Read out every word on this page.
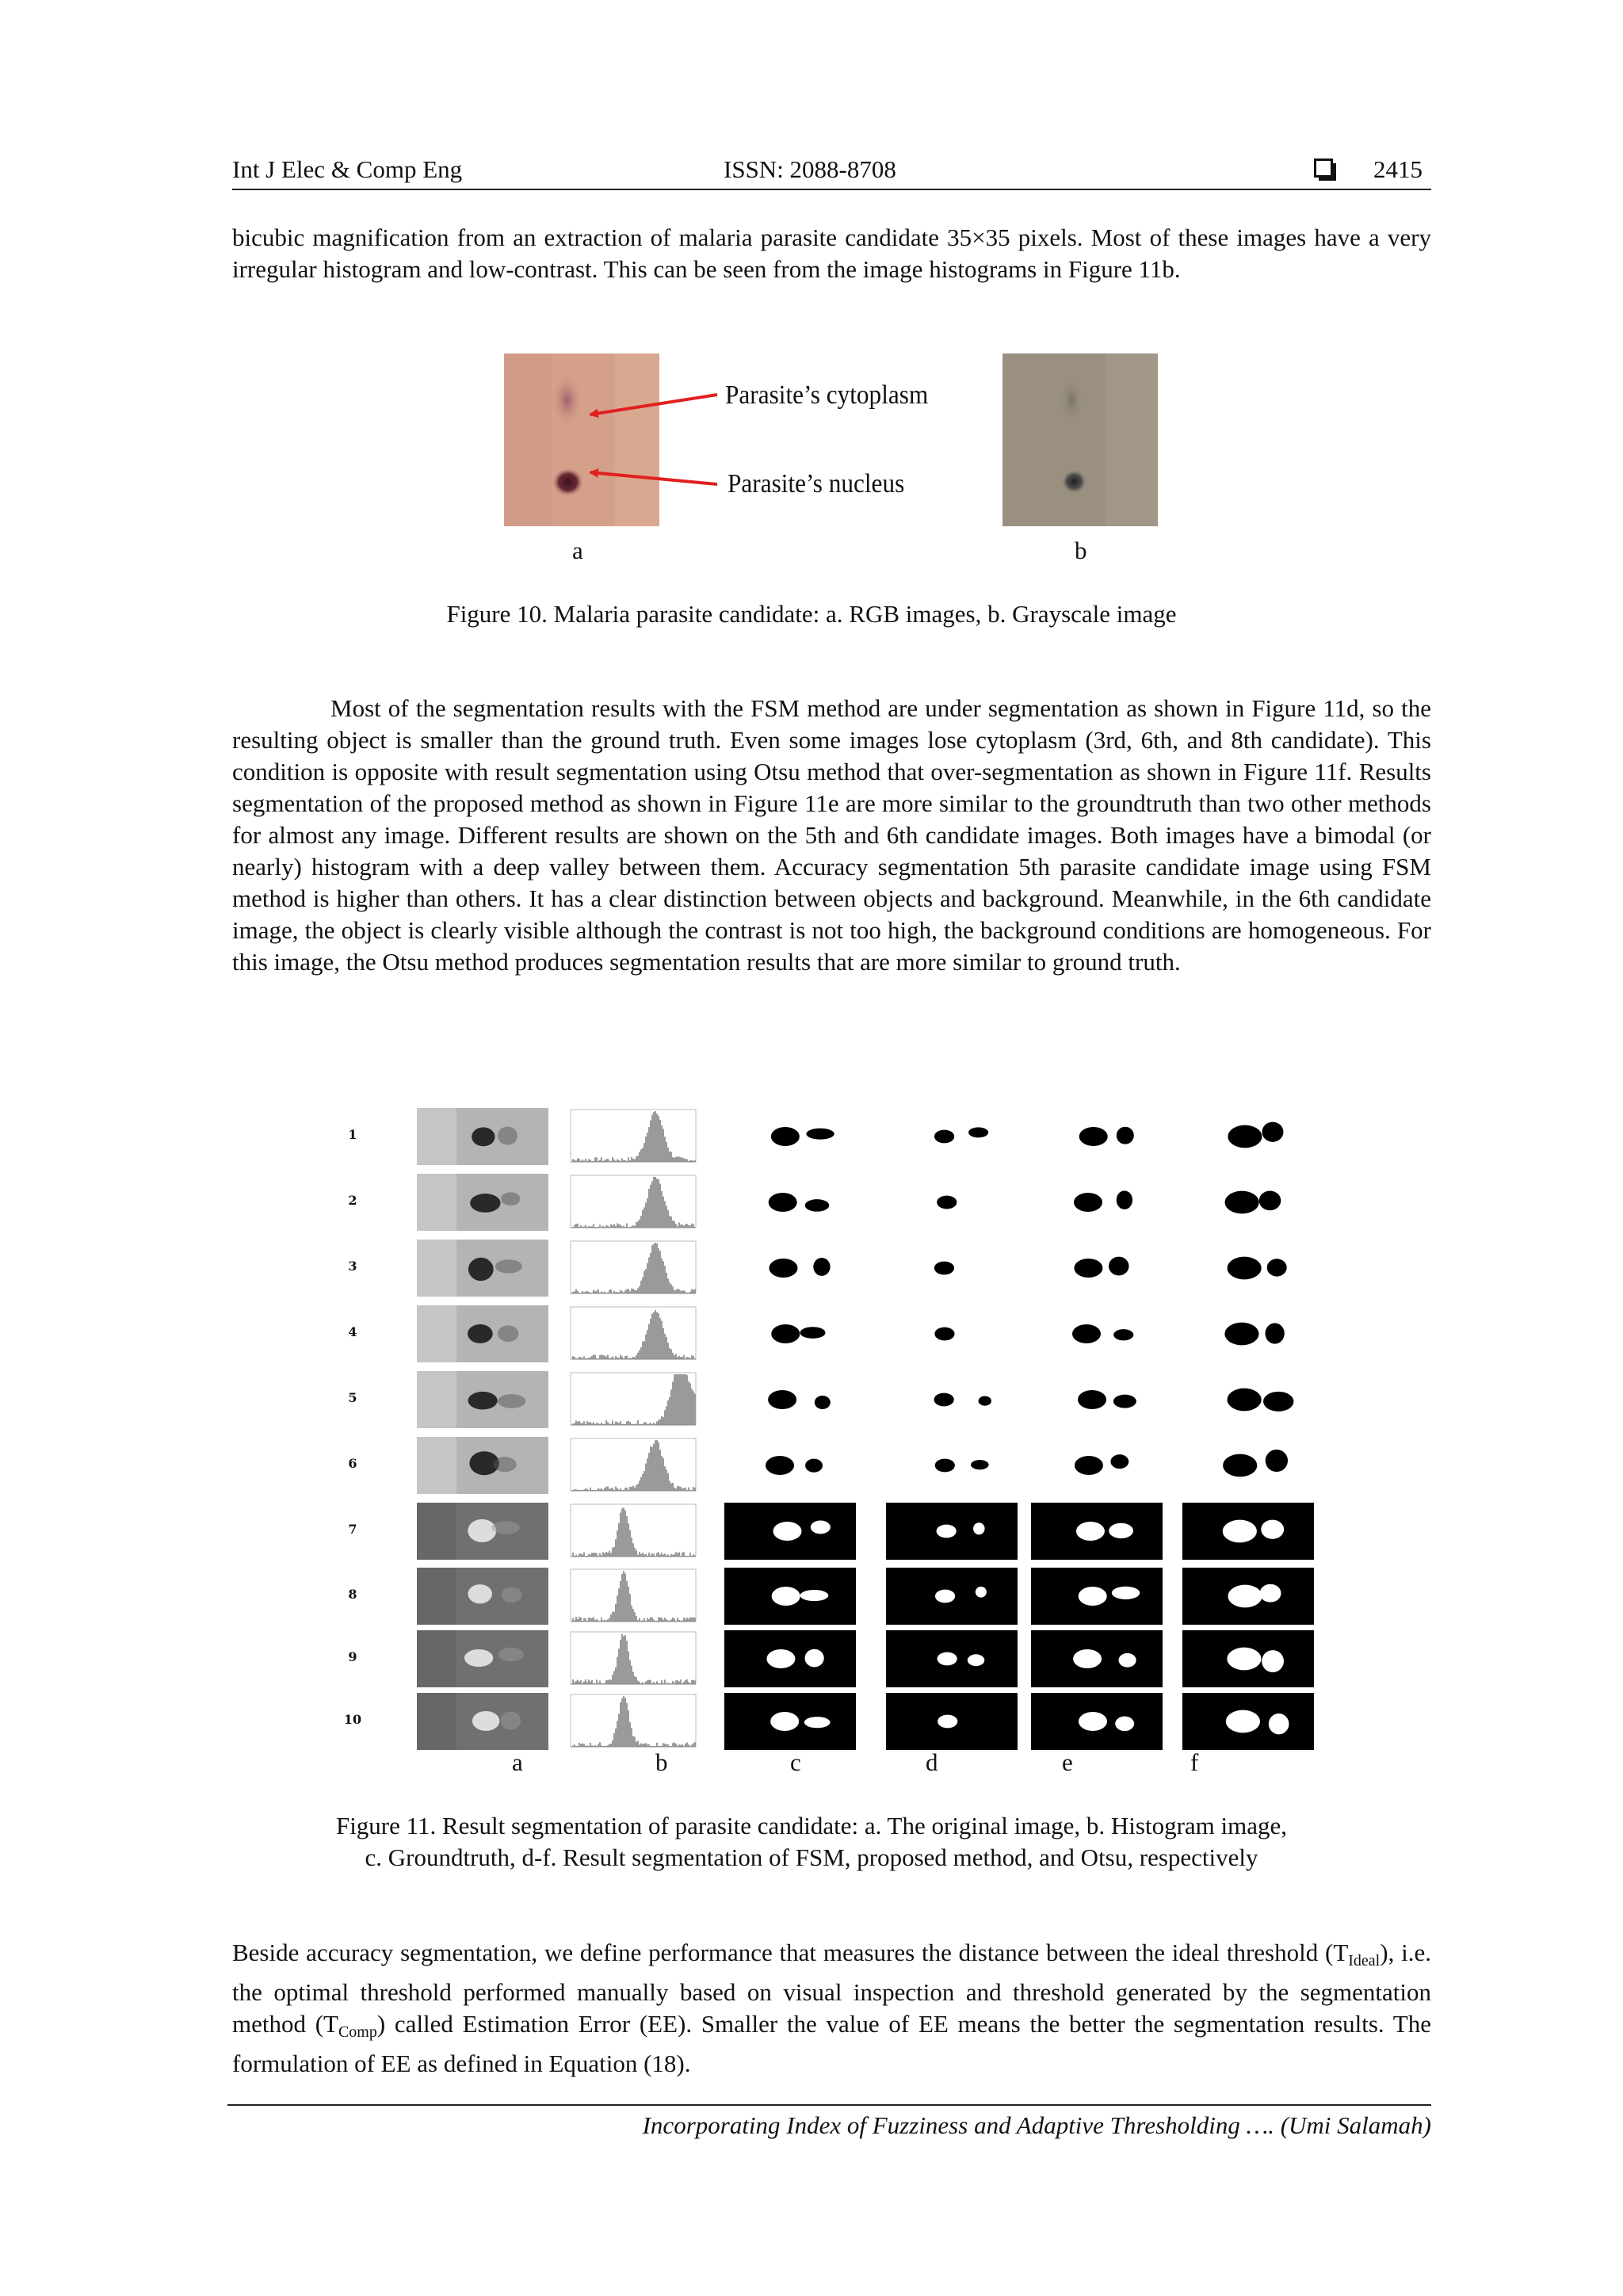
Int J Elec & Comp Eng	ISSN: 2088-8708	2415

bicubic magnification from an extraction of malaria parasite candidate 35×35 pixels. Most of these images have a very irregular histogram and low-contrast. This can be seen from the image histograms in Figure 11b.

Parasite’s cytoplasm
Parasite’s nucleus
a	b
Figure 10. Malaria parasite candidate: a. RGB images, b. Grayscale image

Most of the segmentation results with the FSM method are under segmentation as shown in Figure 11d, so the resulting object is smaller than the ground truth. Even some images lose cytoplasm (3rd, 6th, and 8th candidate). This condition is opposite with result segmentation using Otsu method that over-segmentation as shown in Figure 11f. Results segmentation of the proposed method as shown in Figure 11e are more similar to the groundtruth than two other methods for almost any image. Different results are shown on the 5th and 6th candidate images. Both images have a bimodal (or nearly) histogram with a deep valley between them. Accuracy segmentation 5th parasite candidate image using FSM method is higher than others. It has a clear distinction between objects and background. Meanwhile, in the 6th candidate image, the object is clearly visible although the contrast is not too high, the background conditions are homogeneous. For this image, the Otsu method produces segmentation results that are more similar to ground truth.

1
2
3
4
5
6
7
8
9
10
a	b	c	d	e	f
Figure 11. Result segmentation of parasite candidate: a. The original image, b. Histogram image,
c. Groundtruth, d-f. Result segmentation of FSM, proposed method, and Otsu, respectively

Beside accuracy segmentation, we define performance that measures the distance between the ideal threshold $(T_{Ideal})$, i.e. the optimal threshold performed manually based on visual inspection and threshold generated by the segmentation method $(T_{Comp})$ called Estimation Error (EE). Smaller the value of EE means the better the segmentation results. The formulation of EE as defined in Equation (18).

Incorporating Index of Fuzziness and Adaptive Thresholding …. (Umi Salamah)
